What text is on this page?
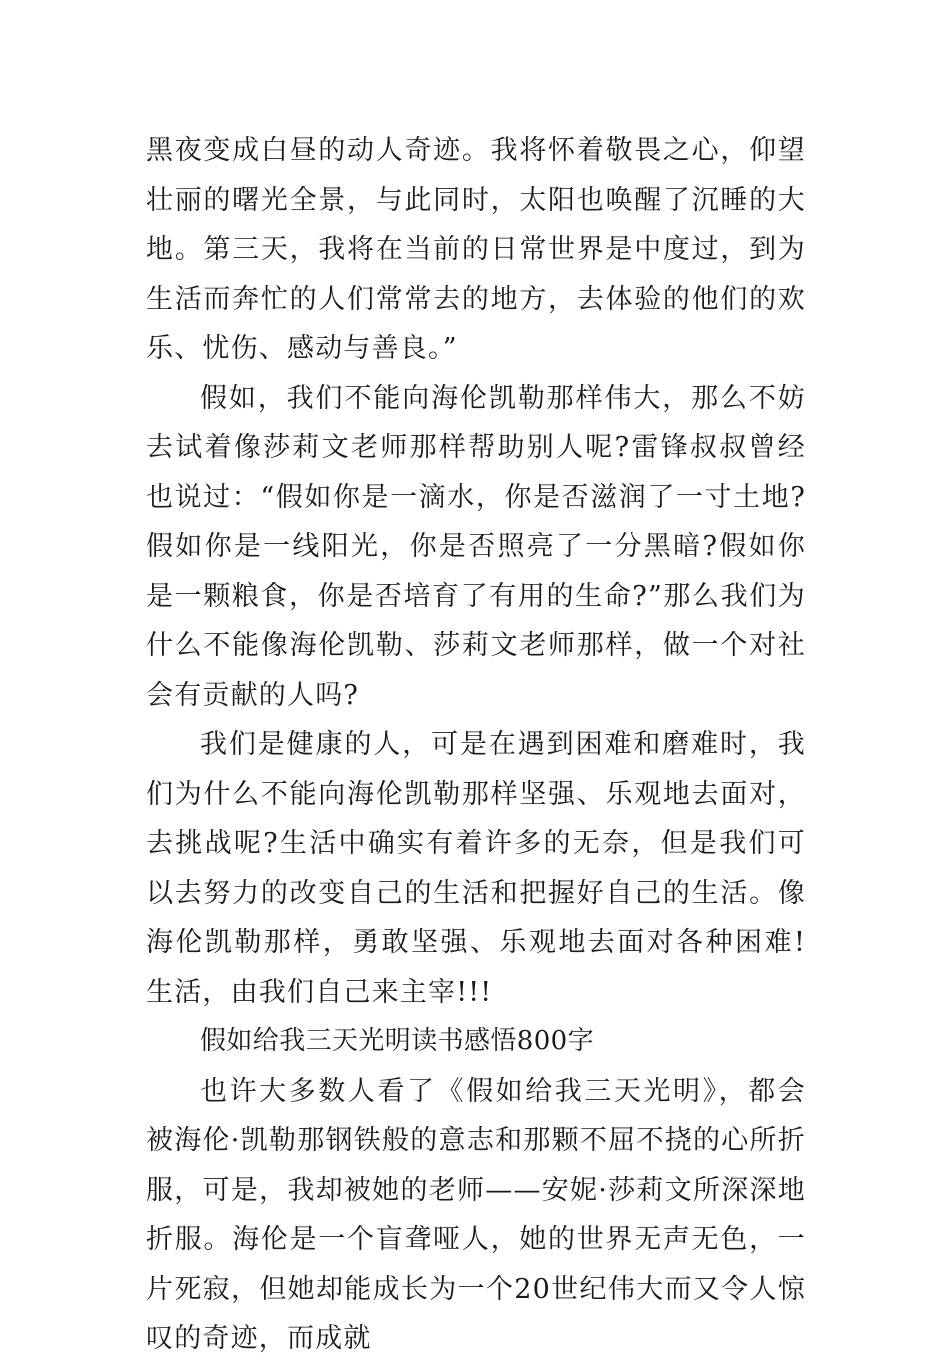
黑夜变成白昼的动人奇迹。我将怀着敬畏之心，仰望壮丽的曙光全景，与此同时，太阳也唤醒了沉睡的大地。第三天，我将在当前的日常世界是中度过，到为生活而奔忙的人们常常去的地方，去体验的他们的欢乐、忧伤、感动与善良。”

假如，我们不能向海伦凯勒那样伟大，那么不妨去试着像莎莉文老师那样帮助别人呢?雷锋叔叔曾经也说过：“假如你是一滴水，你是否滋润了一寸土地?假如你是一线阳光，你是否照亮了一分黑暗?假如你是一颗粮食，你是否培育了有用的生命?”那么我们为什么不能像海伦凯勒、莎莉文老师那样，做一个对社会有贡献的人吗?

我们是健康的人，可是在遇到困难和磨难时，我们为什么不能向海伦凯勒那样坚强、乐观地去面对，去挑战呢?生活中确实有着许多的无奈，但是我们可以去努力的改变自己的生活和把握好自己的生活。像海伦凯勒那样，勇敢坚强、乐观地去面对各种困难!生活，由我们自己来主宰!!!

假如给我三天光明读书感悟800字

也许大多数人看了《假如给我三天光明》，都会被海伦·凯勒那钢铁般的意志和那颗不屈不挠的心所折服，可是，我却被她的老师——安妮·莎莉文所深深地折服。海伦是一个盲聋哑人，她的世界无声无色，一片死寂，但她却能成长为一个20世纪伟大而又令人惊叹的奇迹，而成就
